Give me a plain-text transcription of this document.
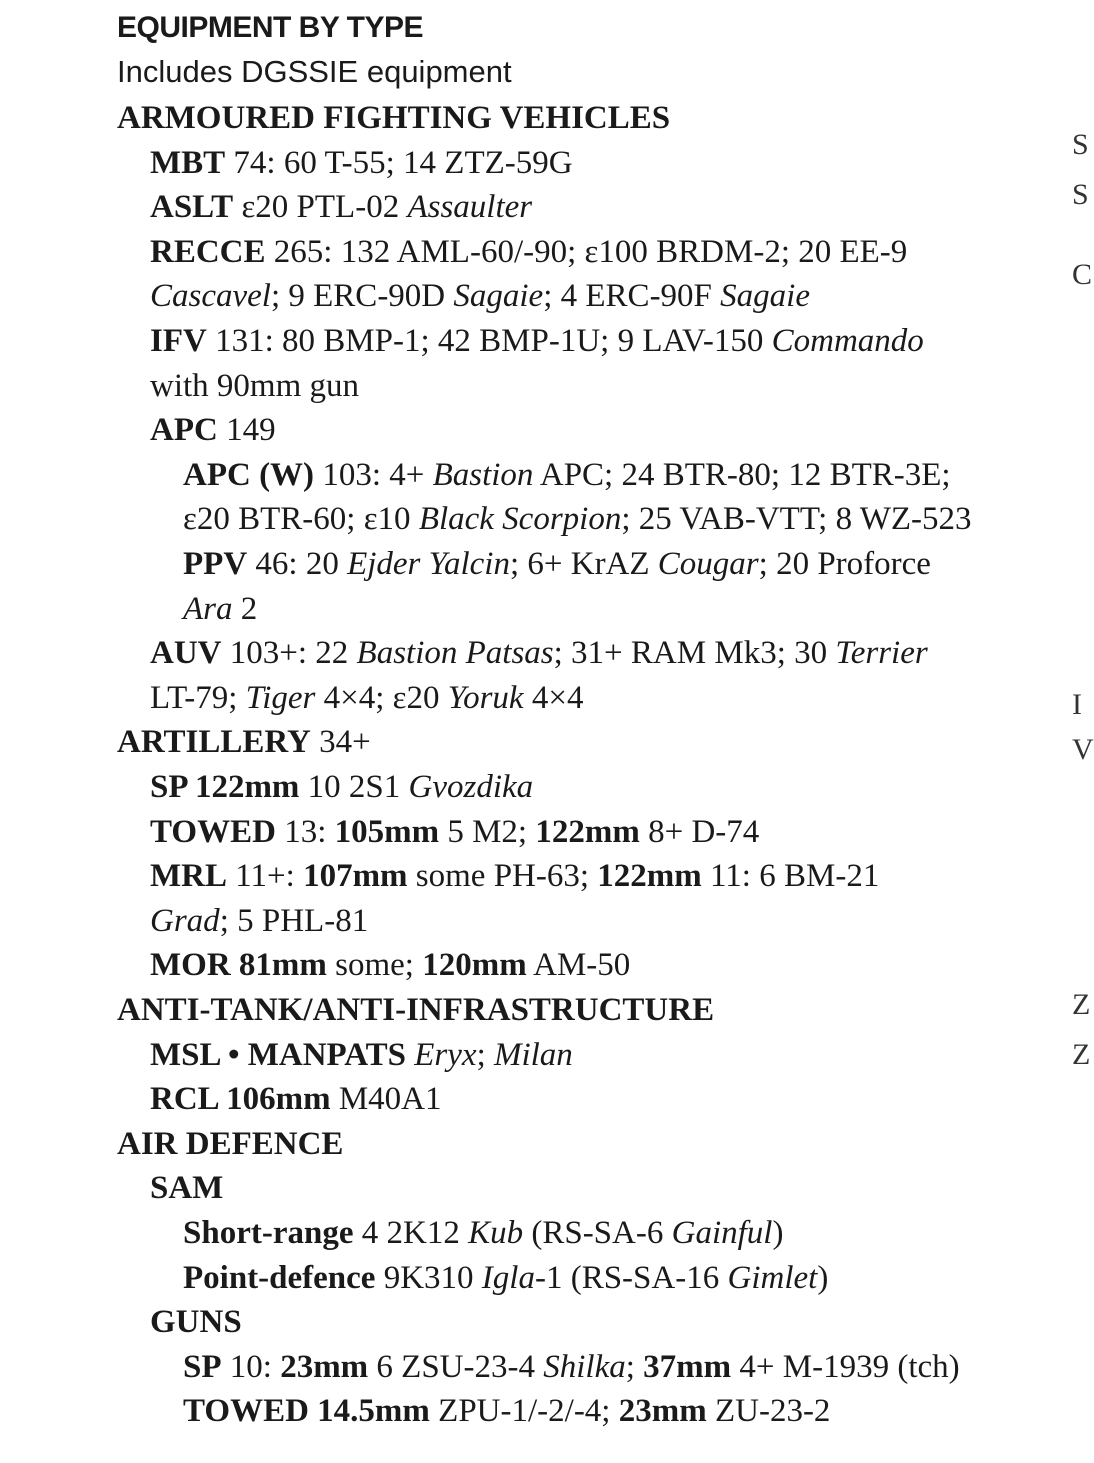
EQUIPMENT BY TYPE
Includes DGSSIE equipment
ARMOURED FIGHTING VEHICLES
MBT 74: 60 T-55; 14 ZTZ-59G
ASLT ε20 PTL-02 Assaulter
RECCE 265: 132 AML-60/-90; ε100 BRDM-2; 20 EE-9
Cascavel; 9 ERC-90D Sagaie; 4 ERC-90F Sagaie
IFV 131: 80 BMP-1; 42 BMP-1U; 9 LAV-150 Commando
with 90mm gun
APC 149
APC (W) 103: 4+ Bastion APC; 24 BTR-80; 12 BTR-3E;
ε20 BTR-60; ε10 Black Scorpion; 25 VAB-VTT; 8 WZ-523
PPV 46: 20 Ejder Yalcin; 6+ KrAZ Cougar; 20 Proforce
Ara 2
AUV 103+: 22 Bastion Patsas; 31+ RAM Mk3; 30 Terrier
LT-79; Tiger 4×4; ε20 Yoruk 4×4
ARTILLERY 34+
SP 122mm 10 2S1 Gvozdika
TOWED 13: 105mm 5 M2; 122mm 8+ D-74
MRL 11+: 107mm some PH-63; 122mm 11: 6 BM-21
Grad; 5 PHL-81
MOR 81mm some; 120mm AM-50
ANTI-TANK/ANTI-INFRASTRUCTURE
MSL • MANPATS Eryx; Milan
RCL 106mm M40A1
AIR DEFENCE
SAM
Short-range 4 2K12 Kub (RS-SA-6 Gainful)
Point-defence 9K310 Igla-1 (RS-SA-16 Gimlet)
GUNS
SP 10: 23mm 6 ZSU-23-4 Shilka; 37mm 4+ M-1939 (tch)
TOWED 14.5mm ZPU-1/-2/-4; 23mm ZU-23-2
S
S
C
I
V
Z
Z
